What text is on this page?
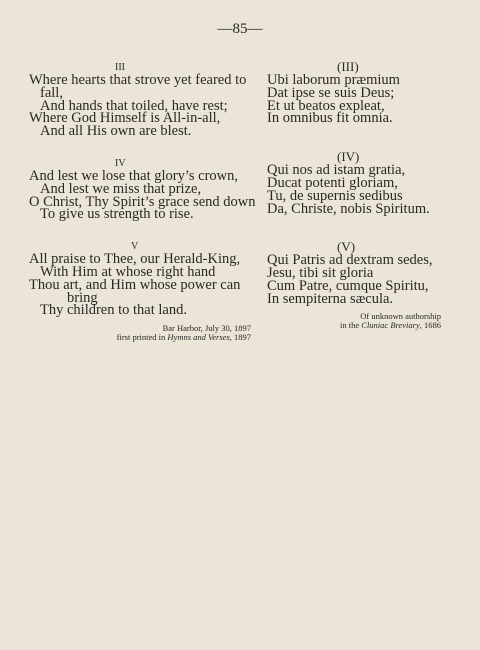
—85—
III
Where hearts that strove yet feared to
fall,
And hands that toiled, have rest;
Where God Himself is All-in-all,
And all His own are blest.
IV
And lest we lose that glory’s crown,
And lest we miss that prize,
O Christ, Thy Spirit’s grace send down
To give us strength to rise.
V
All praise to Thee, our Herald-King,
With Him at whose right hand
Thou art, and Him whose power can
bring
Thy children to that land.
Bar Harbor, July 30, 1897
first printed in Hymns and Verses, 1897
(III)
Ubi laborum præmium
Dat ipse se suis Deus;
Et ut beatos expleat,
In omnibus fit omnia.
(IV)
Qui nos ad istam gratia,
Ducat potenti gloriam,
Tu, de supernis sedibus
Da, Christe, nobis Spiritum.
(V)
Qui Patris ad dextram sedes,
Jesu, tibi sit gloria
Cum Patre, cumque Spiritu,
In sempiterna sæcula.
Of unknown authorship
in the Cluniac Breviary, 1686
